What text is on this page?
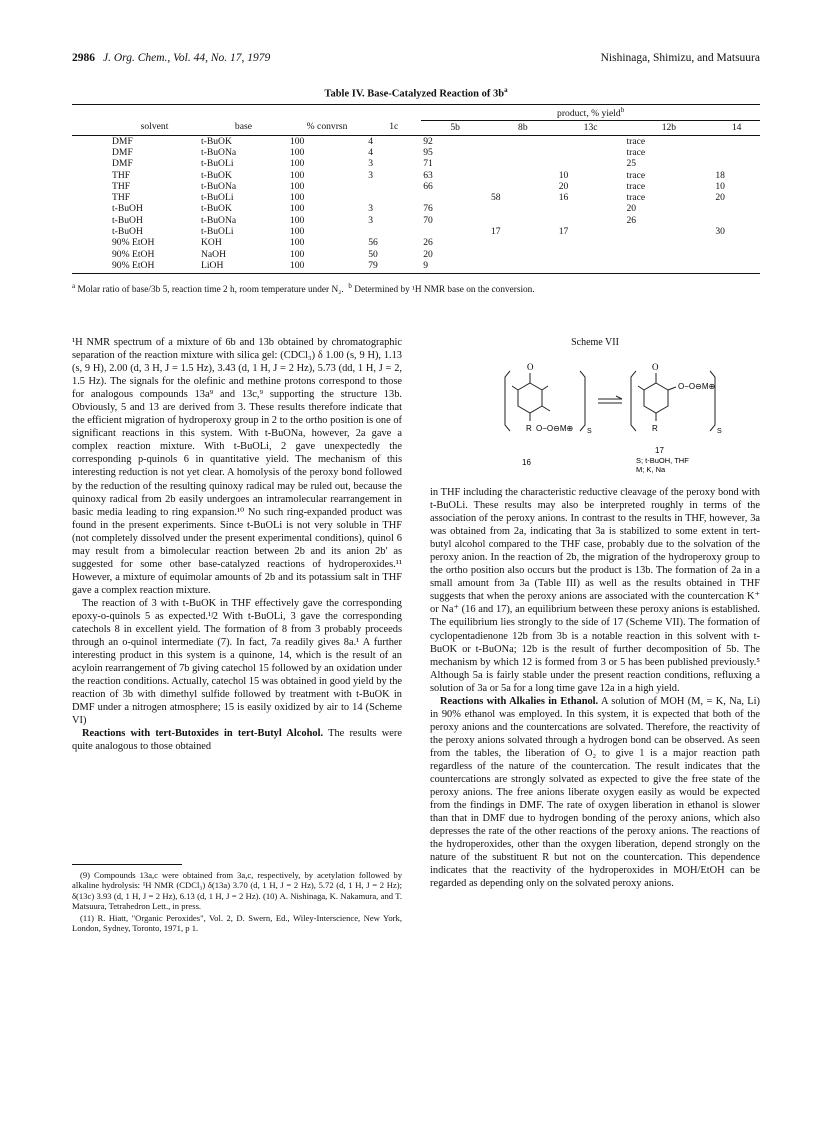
2986 J. Org. Chem., Vol. 44, No. 17, 1979	Nishinaga, Shimizu, and Matsuura
Table IV. Base-Catalyzed Reaction of $3b^a$

				product, % yield$^b$
solvent	base	% convrsn	1c	5b	8b	13c	12b	14
DMF	t-BuOK	100	4	92			trace	
DMF	t-BuONa	100	4	95			trace	
DMF	t-BuOLi	100	3	71			25	
THF	t-BuOK	100	3	63		10	trace	18
THF	t-BuONa	100		66		20	trace	10
THF	t-BuOLi	100			58	16	trace	20
t-BuOH	t-BuOK	100	3	76			20	
t-BuOH	t-BuONa	100	3	70			26	
t-BuOH	t-BuOLi	100			17	17		30
90% EtOH	KOH	100	56	26				
90% EtOH	NaOH	100	50	20				
90% EtOH	LiOH	100	79	9				
$^a$ Molar ratio of base/3b 5, reaction time 2 h, room temperature under N₂. $^b$ Determined by ¹H NMR base on the conversion.

¹H NMR spectrum of a mixture of 6b and 13b obtained by chromatographic separation of the reaction mixture with silica gel: (CDCl₃) δ 1.00 (s, 9 H), 1.13 (s, 9 H), 2.00 (d, 3 H, J = 1.5 Hz), 3.43 (d, 1 H, J = 2 Hz), 5.73 (dd, 1 H, J = 2, 1.5 Hz). The signals for the olefinic and methine protons correspond to those for analogous compounds 13a⁹ and 13c,⁹ supporting the structure 13b. Obviously, 5 and 13 are derived from 3. These results therefore indicate that the efficient migration of hydroperoxy group in 2 to the ortho position is one of significant reactions in this system. With t-BuONa, however, 2a gave a complex reaction mixture. With t-BuOLi, 2 gave unexpectedly the corresponding p-quinols 6 in quantitative yield. The mechanism of this interesting reduction is not yet clear. A homolysis of the peroxy bond followed by the reduction of the resulting quinoxy radical may be ruled out, because the quinoxy radical from 2b easily undergoes an intramolecular rearrangement in basic media leading to ring expansion.¹⁰ No such ring-expanded product was found in the present experiments. Since t-BuOLi is not very soluble in THF (not completely dissolved under the present experimental conditions), quinol 6 may result from a bimolecular reaction between 2b and its anion 2b′ as suggested for some other base-catalyzed reactions of hydroperoxides.¹¹ However, a mixture of equimolar amounts of 2b and its potassium salt in THF gave a complex reaction mixture.

The reaction of 3 with t-BuOK in THF effectively gave the corresponding epoxy-o-quinols 5 as expected.¹ʲ2 With t-BuOLi, 3 gave the corresponding catechols 8 in excellent yield. The formation of 8 from 3 probably proceeds through an o-quinol intermediate (7). In fact, 7a readily gives 8a.¹ A further interesting product in this system is a quinone, 14, which is the result of an acyloin rearrangement of 7b giving catechol 15 followed by an oxidation under the reaction conditions. Actually, catechol 15 was obtained in good yield by the reaction of 3b with dimethyl sulfide followed by treatment with t-BuOK in DMF under a nitrogen atmosphere; 15 is easily oxidized by air to 14 (Scheme VI)

Reactions with tert-Butoxides in tert-Butyl Alcohol. The results were quite analogous to those obtained

(9) Compounds 13a,c were obtained from 3a,c, respectively, by acetylation followed by alkaline hydrolysis: ¹H NMR (CDCl₃) δ(13a) 3.70 (d, 1 H, J = 2 Hz), 5.72 (d, 1 H, J = 2 Hz); δ(13c) 3.93 (d, 1 H, J = 2 Hz), 6.13 (d, 1 H, J = 2 Hz). (10) A. Nishinaga, K. Nakamura, and T. Matsuura, Tetrahedron Lett., in press.

(11) R. Hiatt, "Organic Peroxides", Vol. 2, D. Swern, Ed., Wiley-Interscience, New York, London, Sydney, Toronto, 1971, p 1.

Scheme VII
O
R O−O⊖M⊕ S
16
O
O−O⊖M⊕
R	S
17
S; t-BuOH, THF
M; K, Na

in THF including the characteristic reductive cleavage of the peroxy bond with t-BuOLi. These results may also be interpreted roughly in terms of the association of the peroxy anions. In contrast to the results in THF, however, 3a was obtained from 2a, indicating that 3a is stabilized to some extent in tert-butyl alcohol compared to the THF case, probably due to the solvation of the peroxy anion. In the reaction of 2b, the migration of the hydroperoxy group to the ortho position also occurs but the product is 13b. The formation of 2a in a small amount from 3a (Table III) as well as the results obtained in THF suggests that when the peroxy anions are associated with the countercation K⁺ or Na⁺ (16 and 17), an equilibrium between these peroxy anions is established. The equilibrium lies strongly to the side of 17 (Scheme VII). The formation of cyclopentadienone 12b from 3b is a notable reaction in this solvent with t-BuOK or t-BuONa; 12b is the result of further decomposition of 5b. The mechanism by which 12 is formed from 3 or 5 has been published previously.⁵ Although 5a is fairly stable under the present reaction conditions, refluxing a solution of 3a or 5a for a long time gave 12a in a high yield.

Reactions with Alkalies in Ethanol. A solution of MOH (M, = K, Na, Li) in 90% ethanol was employed. In this system, it is expected that both of the peroxy anions and the countercations are solvated. Therefore, the reactivity of the peroxy anions solvated through a hydrogen bond can be observed. As seen from the tables, the liberation of O₂ to give 1 is a major reaction path regardless of the nature of the countercation. The result indicates that the countercations are strongly solvated as expected to give the free state of the peroxy anions. The free anions liberate oxygen easily as would be expected from the findings in DMF. The rate of oxygen liberation in ethanol is slower than that in DMF due to hydrogen bonding of the peroxy anions, which also depresses the rate of the other reactions of the peroxy anions. The reactions of the hydroperoxides, other than the oxygen liberation, depend strongly on the nature of the substituent R but not on the countercation. This dependence indicates that the reactivity of the hydroperoxides in MOH/EtOH can be regarded as depending only on the solvated peroxy anions.
